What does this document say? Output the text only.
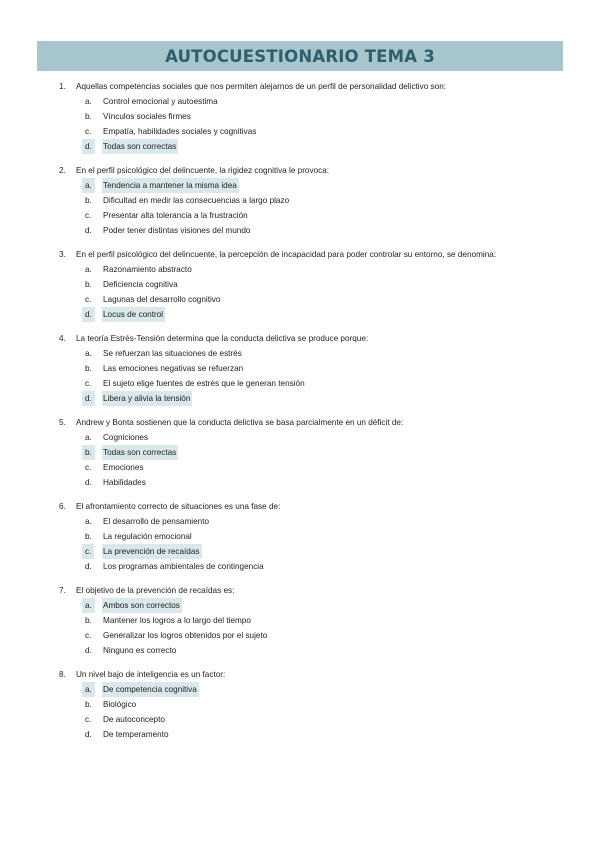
AUTOCUESTIONARIO TEMA 3
1. Aquellas competencias sociales que nos permiten alejarnos de un perfil de personalidad delictivo son:
a. Control emocional y autoestima
b. Vínculos sociales firmes
c. Empatía, habilidades sociales y cognitivas
d.	Todas son correctas
2. En el perfil psicológico del delincuente, la rigidez cognitiva le provoca:
a.	Tendencia a mantener la misma idea
b. Dificultad en medir las consecuencias a largo plazo
c. Presentar alta tolerancia a la frustración
d. Poder tener distintas visiones del mundo
3. En el perfil psicológico del delincuente, la percepción de incapacidad para poder controlar su entorno, se denomina:
a. Razonamiento abstracto
b. Deficiencia cognitiva
c. Lagunas del desarrollo cognitivo
d.	Locus de control
4. La teoría Estrés-Tensión determina que la conducta delictiva se produce porque:
a. Se refuerzan las situaciones de estrés
b. Las emociones negativas se refuerzan
c. El sujeto elige fuentes de estrés que le generan tensión
d.	Libera y alivia la tensión
5. Andrew y Bonta sostienen que la conducta delictiva se basa parcialmente en un déficit de:
a. Cogniciones
b.	Todas son correctas
c. Emociones
d. Habilidades
6. El afrontamiento correcto de situaciones es una fase de:
a. El desarrollo de pensamiento
b. La regulación emocional
c.	La prevención de recaídas
d. Los programas ambientales de contingencia
7. El objetivo de la prevención de recaídas es:
a.	Ambos son correctos
b. Mantener los logros a lo largo del tiempo
c. Generalizar los logros obtenidos por el sujeto
d. Ninguno es correcto
8. Un nivel bajo de inteligencia es un factor:
a.	De competencia cognitiva
b. Biológico
c. De autoconcepto
d. De temperamento
